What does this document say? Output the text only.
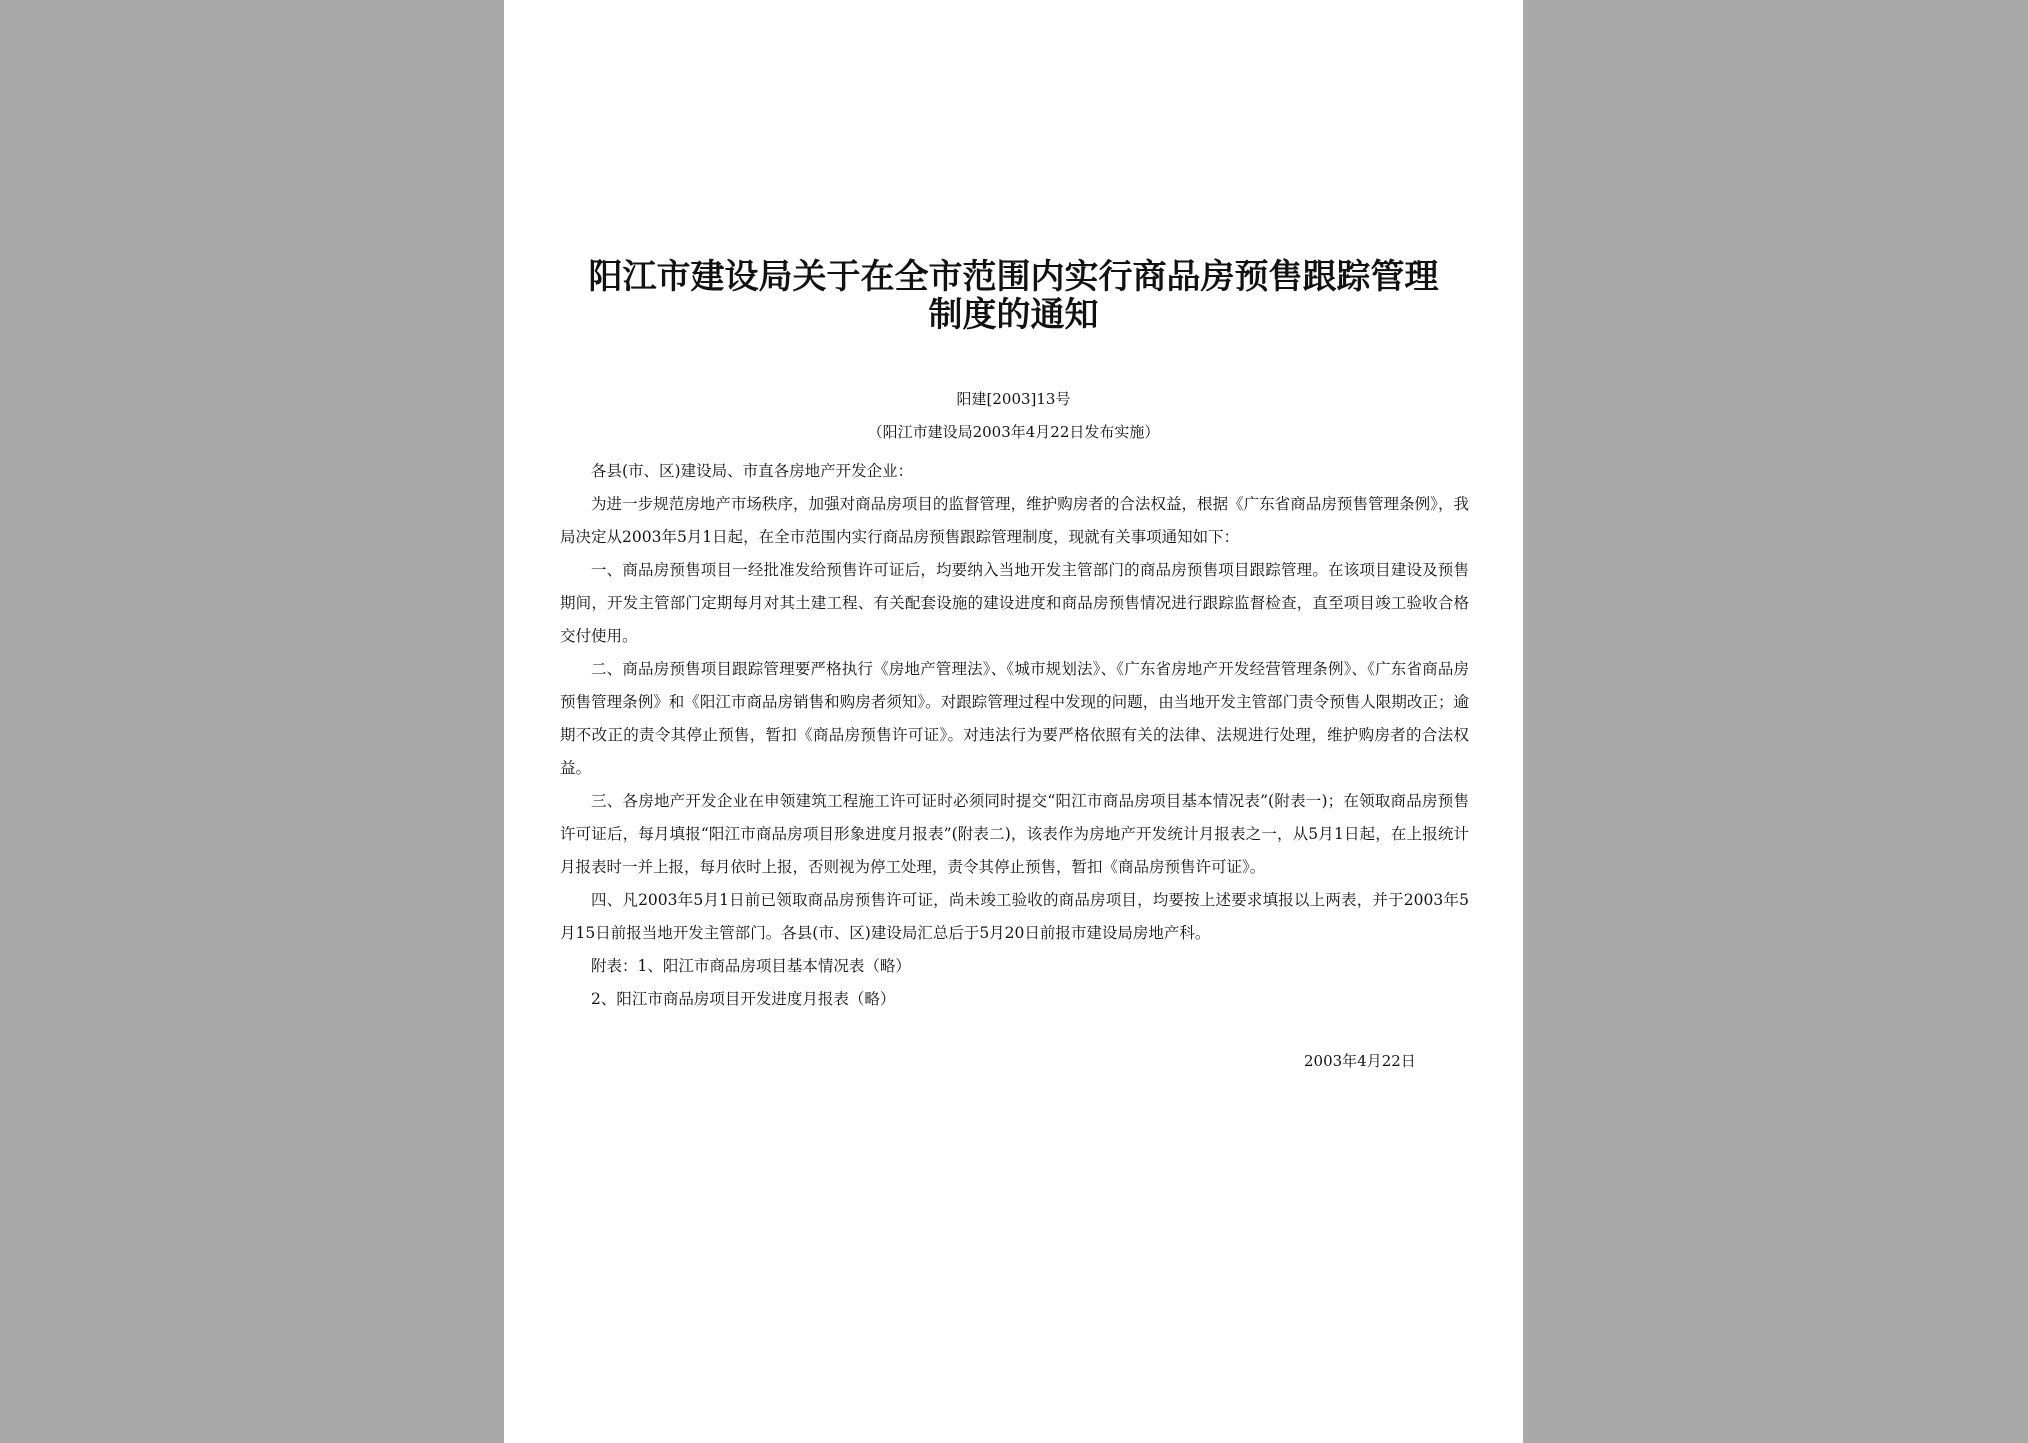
阳江市建设局关于在全市范围内实行商品房预售跟踪管理制度的通知
阳建[2003]13号
（阳江市建设局2003年4月22日发布实施）

各县(市、区)建设局、市直各房地产开发企业：

为进一步规范房地产市场秩序，加强对商品房项目的监督管理，维护购房者的合法权益，根据《广东省商品房预售管理条例》，我局决定从2003年5月1日起，在全市范围内实行商品房预售跟踪管理制度，现就有关事项通知如下：

一、商品房预售项目一经批准发给预售许可证后，均要纳入当地开发主管部门的商品房预售项目跟踪管理。在该项目建设及预售期间，开发主管部门定期每月对其土建工程、有关配套设施的建设进度和商品房预售情况进行跟踪监督检查，直至项目竣工验收合格交付使用。

二、商品房预售项目跟踪管理要严格执行《房地产管理法》、《城市规划法》、《广东省房地产开发经营管理条例》、《广东省商品房预售管理条例》和《阳江市商品房销售和购房者须知》。对跟踪管理过程中发现的问题，由当地开发主管部门责令预售人限期改正；逾期不改正的责令其停止预售，暂扣《商品房预售许可证》。对违法行为要严格依照有关的法律、法规进行处理，维护购房者的合法权益。

三、各房地产开发企业在申领建筑工程施工许可证时必须同时提交“阳江市商品房项目基本情况表”(附表一)；在领取商品房预售许可证后，每月填报“阳江市商品房项目形象进度月报表”(附表二)，该表作为房地产开发统计月报表之一，从5月1日起，在上报统计月报表时一并上报，每月依时上报，否则视为停工处理，责令其停止预售，暂扣《商品房预售许可证》。

四、凡2003年5月1日前已领取商品房预售许可证，尚未竣工验收的商品房项目，均要按上述要求填报以上两表，并于2003年5月15日前报当地开发主管部门。各县(市、区)建设局汇总后于5月20日前报市建设局房地产科。

附表：1、阳江市商品房项目基本情况表（略）

2、阳江市商品房项目开发进度月报表（略）

2003年4月22日
